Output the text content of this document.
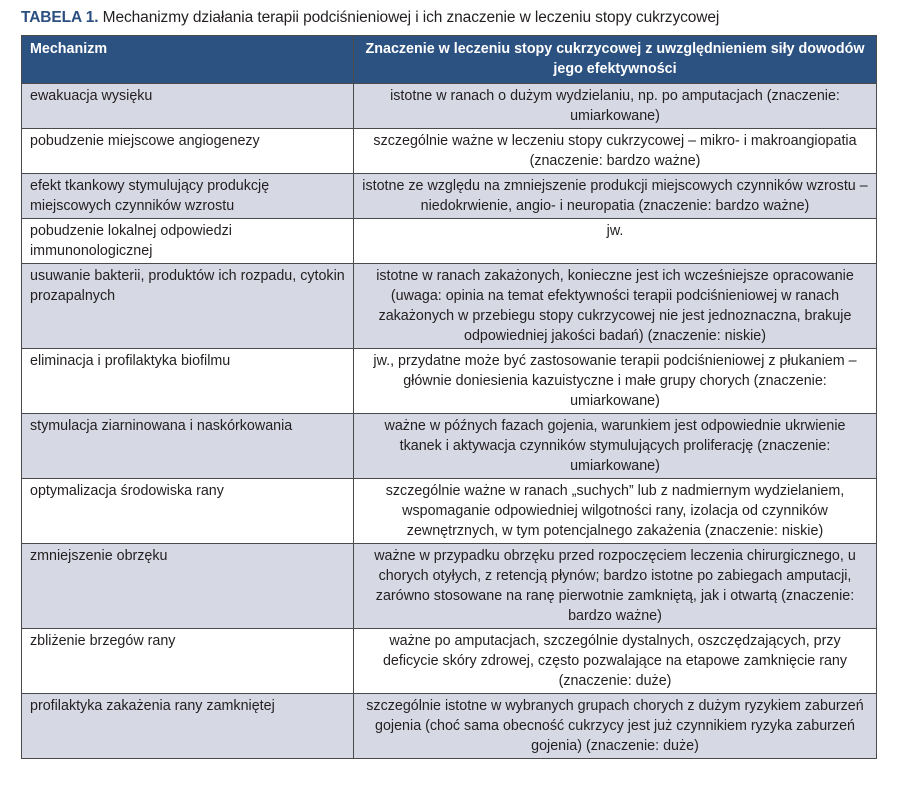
TABELA 1. Mechanizmy działania terapii podciśnieniowej i ich znaczenie w leczeniu stopy cukrzycowej
Mechanizm	Znaczenie w leczeniu stopy cukrzycowej z uwzględnieniem siły dowodów jego efektywności
ewakuacja wysięku	istotne w ranach o dużym wydzielaniu, np. po amputacjach (znaczenie: umiarkowane)
pobudzenie miejscowe angiogenezy	szczególnie ważne w leczeniu stopy cukrzycowej – mikro- i makroangiopatia (znaczenie: bardzo ważne)
efekt tkankowy stymulujący produkcję miejscowych czynników wzrostu	istotne ze względu na zmniejszenie produkcji miejscowych czynników wzrostu – niedokrwienie, angio- i neuropatia (znaczenie: bardzo ważne)
pobudzenie lokalnej odpowiedzi immunonologicznej	jw.
usuwanie bakterii, produktów ich rozpadu, cytokin prozapalnych	istotne w ranach zakażonych, konieczne jest ich wcześniejsze opracowanie (uwaga: opinia na temat efektywności terapii podciśnieniowej w ranach zakażonych w przebiegu stopy cukrzycowej nie jest jednoznaczna, brakuje odpowiedniej jakości badań) (znaczenie: niskie)
eliminacja i profilaktyka biofilmu	jw., przydatne może być zastosowanie terapii podciśnieniowej z płukaniem – głównie doniesienia kazuistyczne i małe grupy chorych (znaczenie: umiarkowane)
stymulacja ziarninowana i naskórkowania	ważne w późnych fazach gojenia, warunkiem jest odpowiednie ukrwienie tkanek i aktywacja czynników stymulujących proliferację (znaczenie: umiarkowane)
optymalizacja środowiska rany	szczególnie ważne w ranach „suchych” lub z nadmiernym wydzielaniem, wspomaganie odpowiedniej wilgotności rany, izolacja od czynników zewnętrznych, w tym potencjalnego zakażenia (znaczenie: niskie)
zmniejszenie obrzęku	ważne w przypadku obrzęku przed rozpoczęciem leczenia chirurgicznego, u chorych otyłych, z retencją płynów; bardzo istotne po zabiegach amputacji, zarówno stosowane na ranę pierwotnie zamkniętą, jak i otwartą (znaczenie: bardzo ważne)
zbliżenie brzegów rany	ważne po amputacjach, szczególnie dystalnych, oszczędzających, przy deficycie skóry zdrowej, często pozwalające na etapowe zamknięcie rany (znaczenie: duże)
profilaktyka zakażenia rany zamkniętej	szczególnie istotne w wybranych grupach chorych z dużym ryzykiem zaburzeń gojenia (choć sama obecność cukrzycy jest już czynnikiem ryzyka zaburzeń gojenia) (znaczenie: duże)
